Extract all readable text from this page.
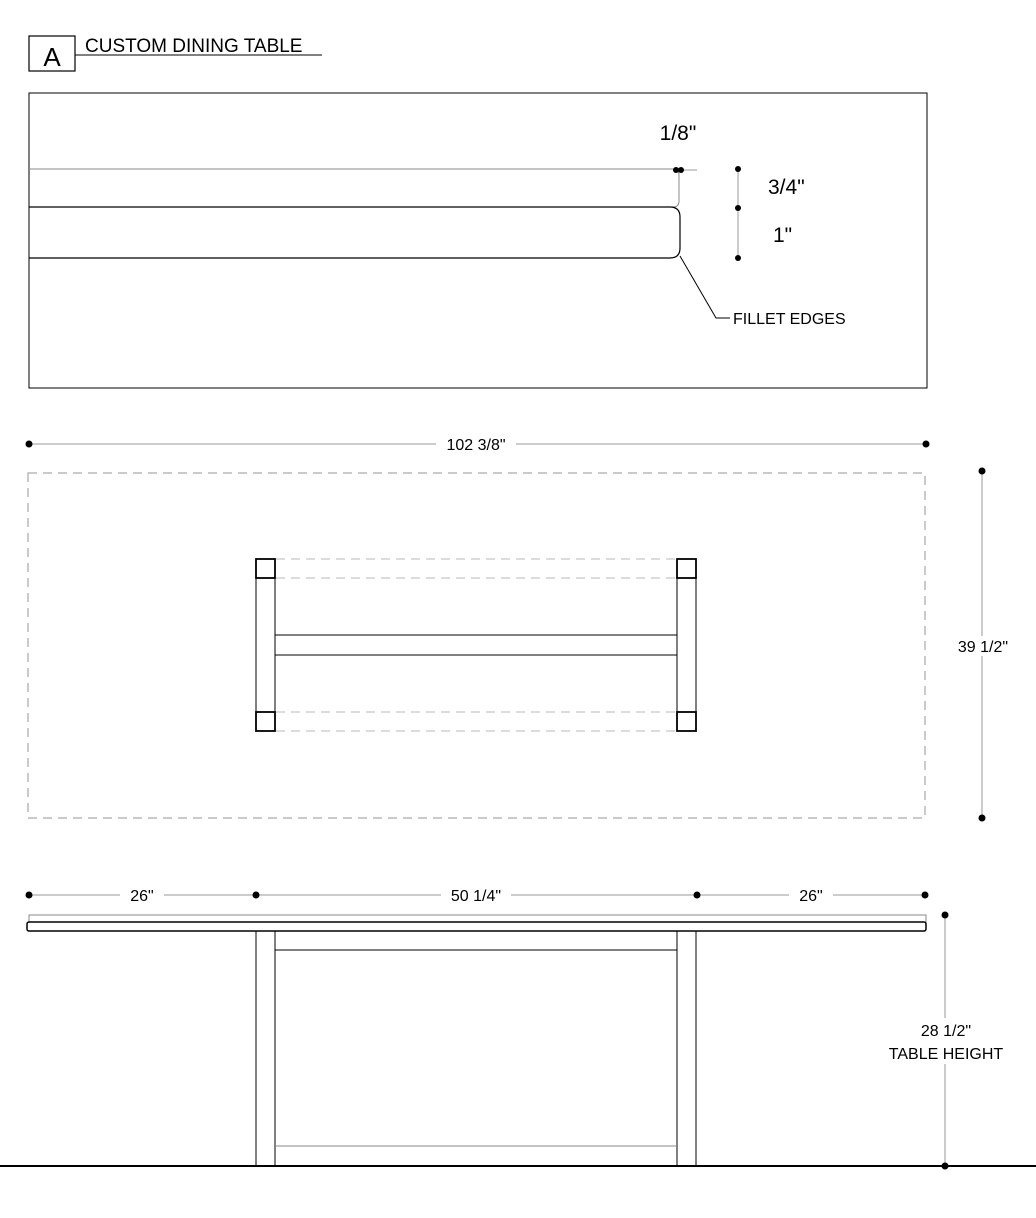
A CUSTOM DINING TABLE
1/8"
3/4"
1"
FILLET EDGES
102 3/8"
39 1/2"
26"	50 1/4"	26"
28 1/2"
TABLE HEIGHT
